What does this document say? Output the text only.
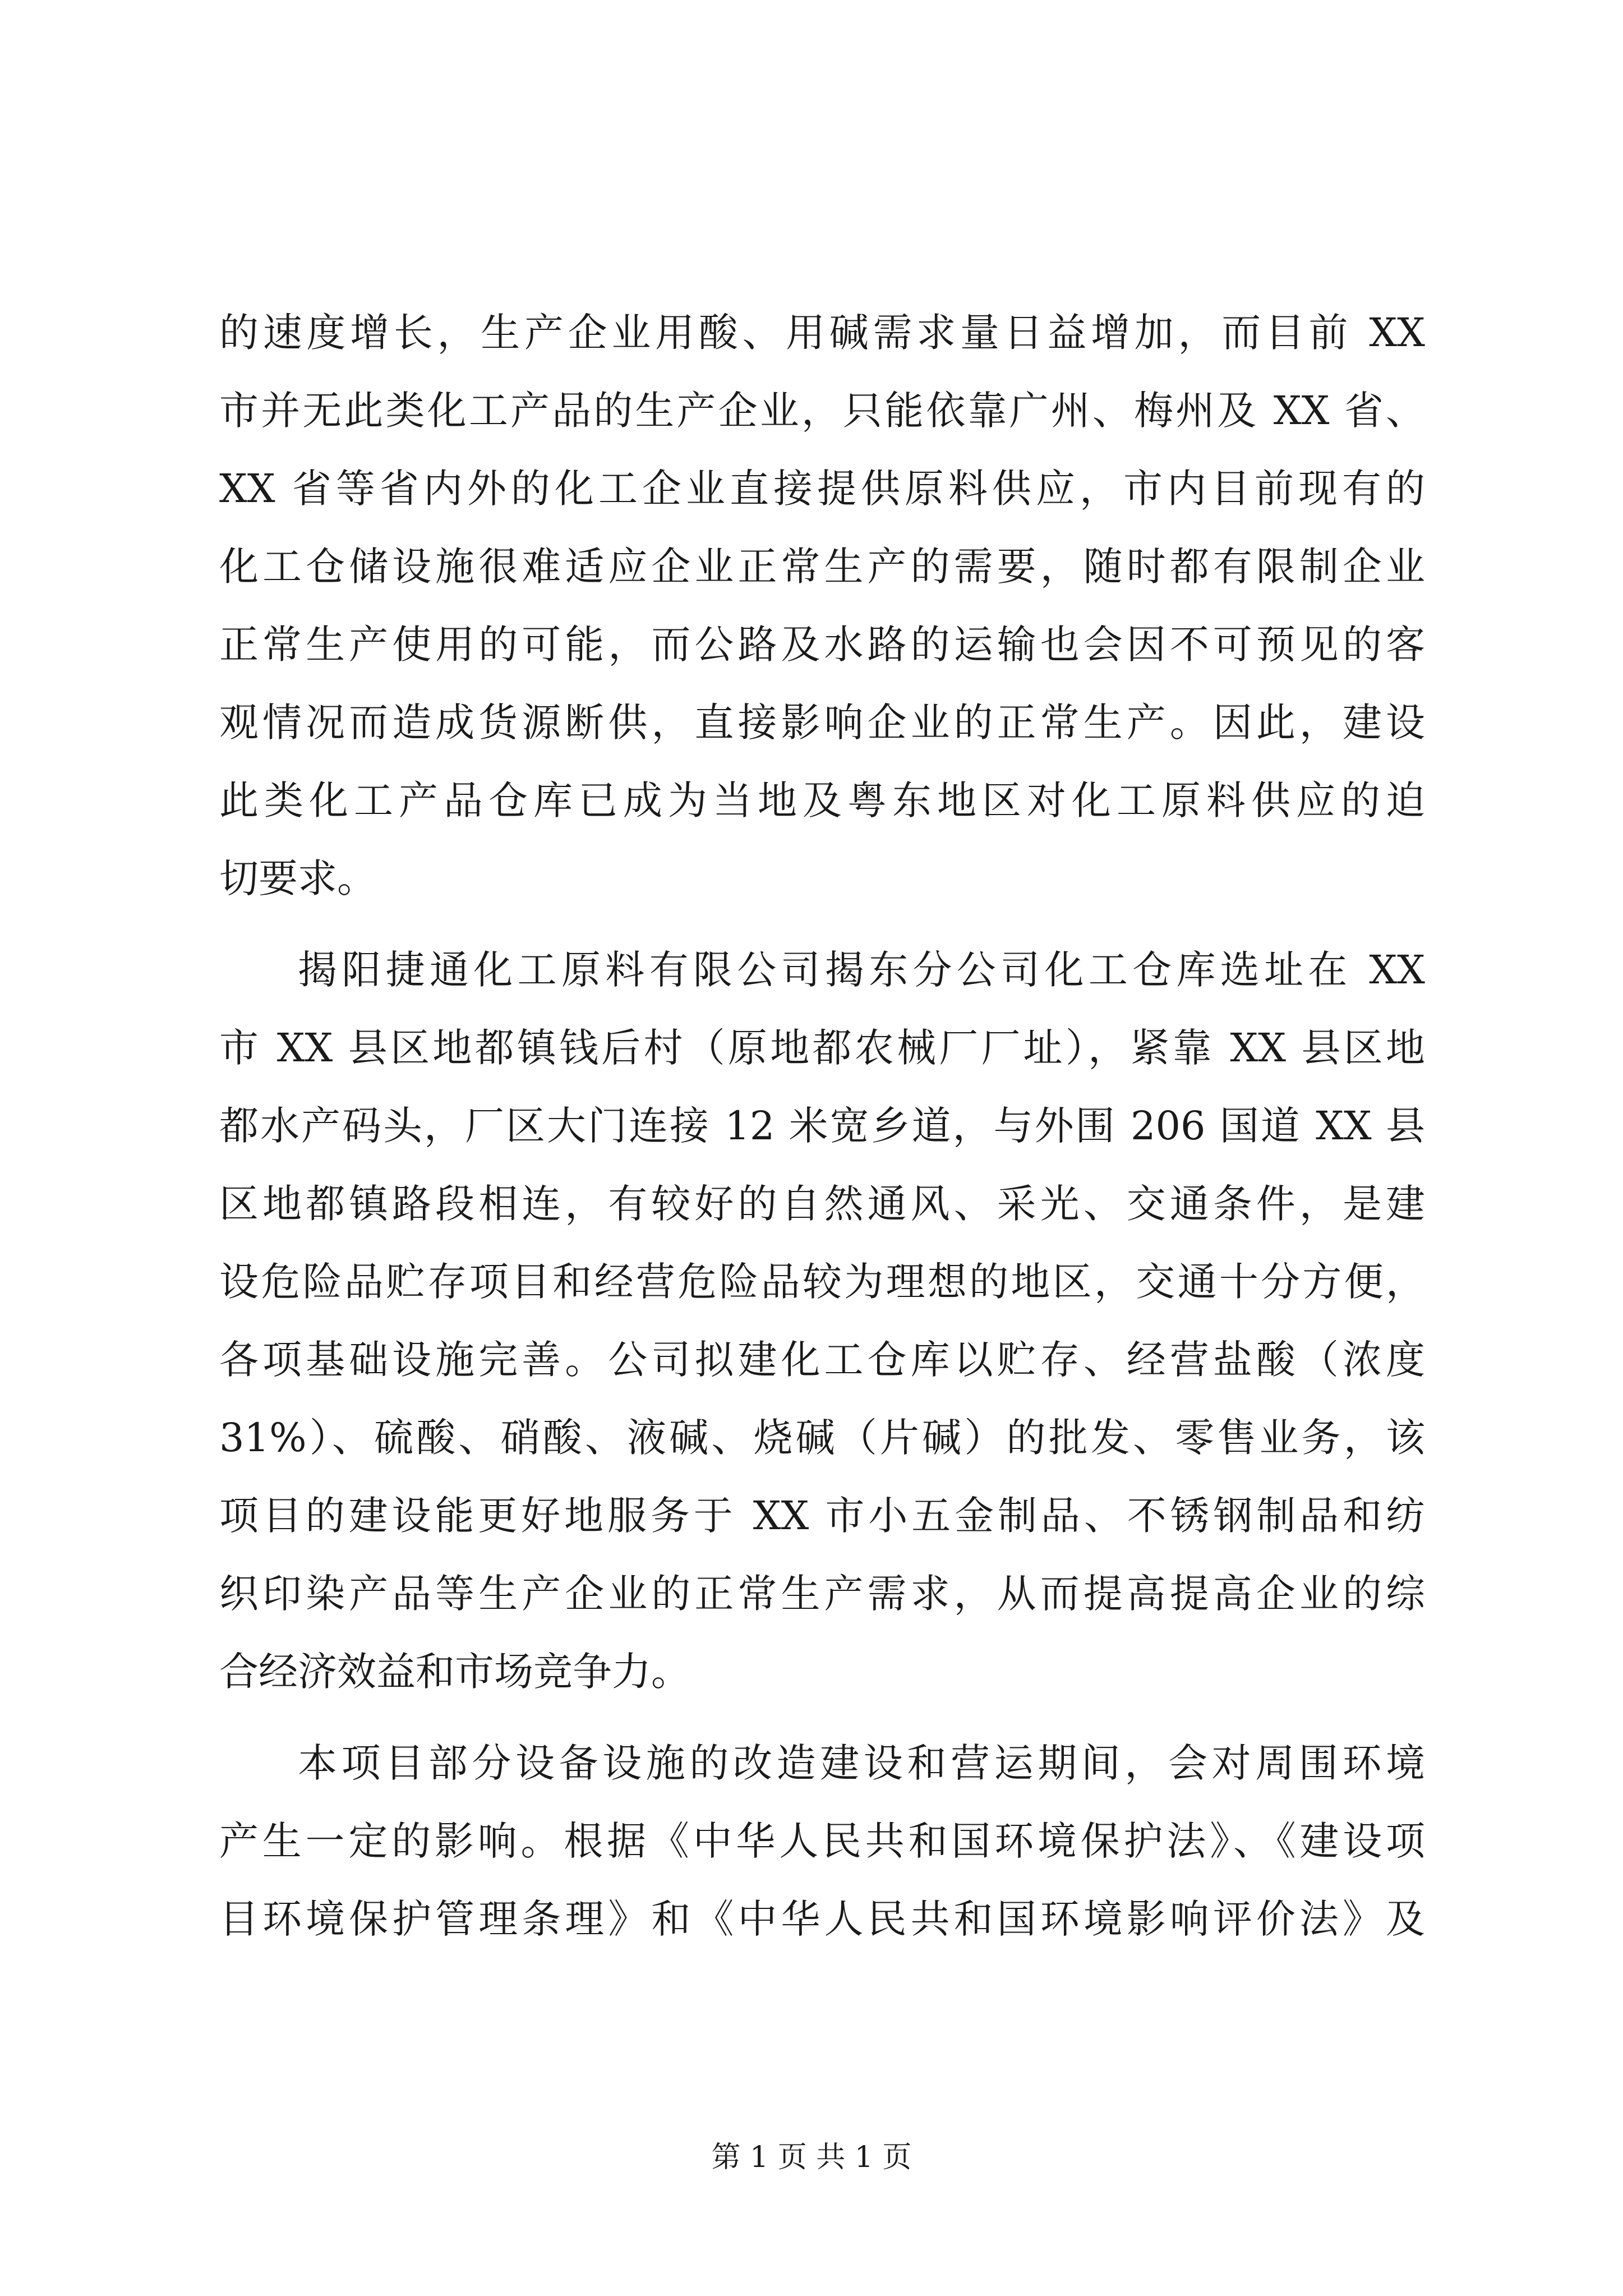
的速度增长，生产企业用酸、用碱需求量日益增加，而目前 XX
市并无此类化工产品的生产企业，只能依靠广州、梅州及 XX 省、
XX 省等省内外的化工企业直接提供原料供应，市内目前现有的
化工仓储设施很难适应企业正常生产的需要，随时都有限制企业
正常生产使用的可能，而公路及水路的运输也会因不可预见的客
观情况而造成货源断供，直接影响企业的正常生产。因此，建设
此类化工产品仓库已成为当地及粤东地区对化工原料供应的迫
切要求。
揭阳捷通化工原料有限公司揭东分公司化工仓库选址在 XX
市 XX 县区地都镇钱后村（原地都农械厂厂址），紧靠 XX 县区地
都水产码头，厂区大门连接 12 米宽乡道，与外围 206 国道 XX 县
区地都镇路段相连，有较好的自然通风、采光、交通条件，是建
设危险品贮存项目和经营危险品较为理想的地区，交通十分方便，
各项基础设施完善。公司拟建化工仓库以贮存、经营盐酸（浓度
31%）、硫酸、硝酸、液碱、烧碱（片碱）的批发、零售业务，该
项目的建设能更好地服务于 XX 市小五金制品、不锈钢制品和纺
织印染产品等生产企业的正常生产需求，从而提高提高企业的综
合经济效益和市场竞争力。
本项目部分设备设施的改造建设和营运期间，会对周围环境
产生一定的影响。根据《中华人民共和国环境保护法》、《建设项
目环境保护管理条理》和《中华人民共和国环境影响评价法》及
第 1 页 共 1 页
